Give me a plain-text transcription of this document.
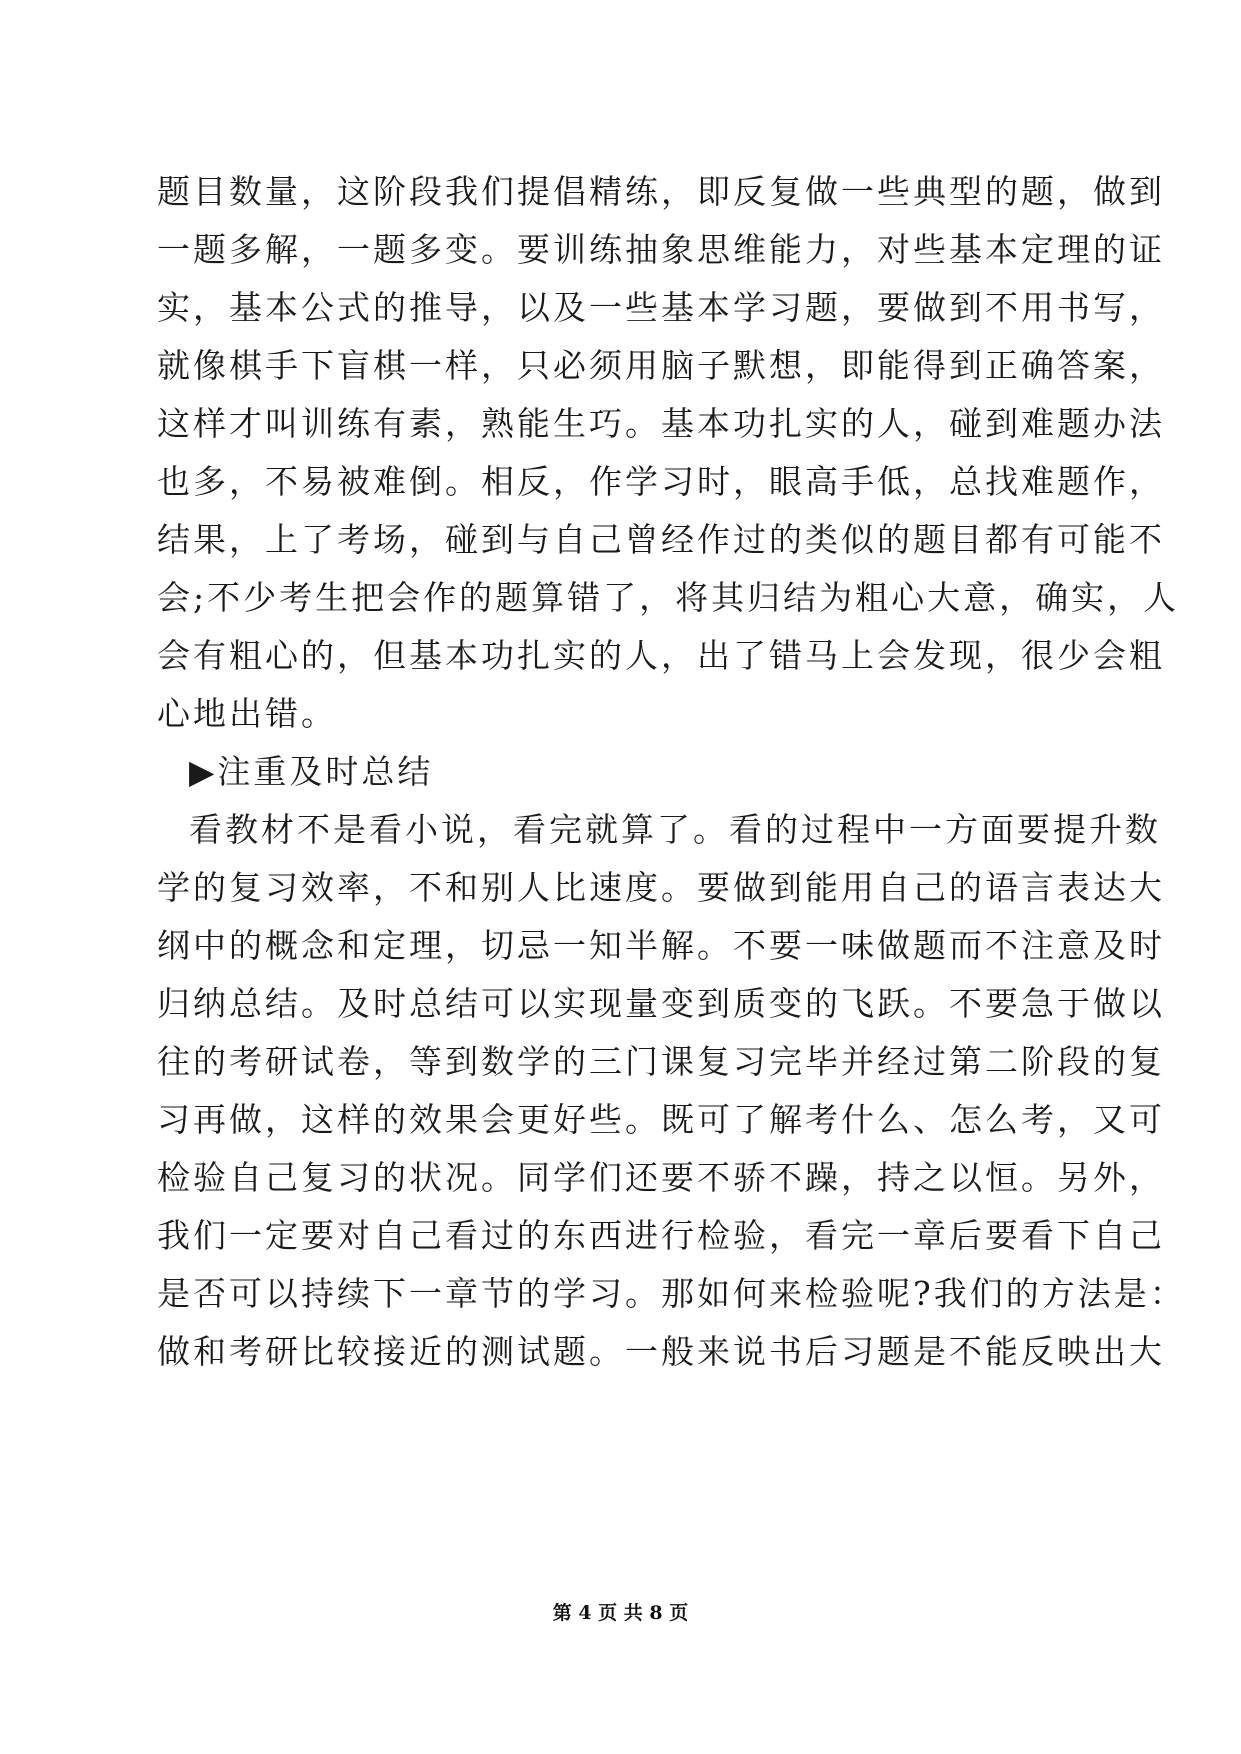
题目数量，这阶段我们提倡精练，即反复做一些典型的题，做到
一题多解，一题多变。要训练抽象思维能力，对些基本定理的证
实，基本公式的推导，以及一些基本学习题，要做到不用书写，
就像棋手下盲棋一样，只必须用脑子默想，即能得到正确答案，
这样才叫训练有素，熟能生巧。基本功扎实的人，碰到难题办法
也多，不易被难倒。相反，作学习时，眼高手低，总找难题作，
结果，上了考场，碰到与自己曾经作过的类似的题目都有可能不
会;不少考生把会作的题算错了，将其归结为粗心大意，确实，人
会有粗心的，但基本功扎实的人，出了错马上会发现，很少会粗
心地出错。
▶注重及时总结
看教材不是看小说，看完就算了。看的过程中一方面要提升数
学的复习效率，不和别人比速度。要做到能用自己的语言表达大
纲中的概念和定理，切忌一知半解。不要一味做题而不注意及时
归纳总结。及时总结可以实现量变到质变的飞跃。不要急于做以
往的考研试卷，等到数学的三门课复习完毕并经过第二阶段的复
习再做，这样的效果会更好些。既可了解考什么、怎么考，又可
检验自己复习的状况。同学们还要不骄不躁，持之以恒。另外，
我们一定要对自己看过的东西进行检验，看完一章后要看下自己
是否可以持续下一章节的学习。那如何来检验呢?我们的方法是：
做和考研比较接近的测试题。一般来说书后习题是不能反映出大
第 4 页 共 8 页
